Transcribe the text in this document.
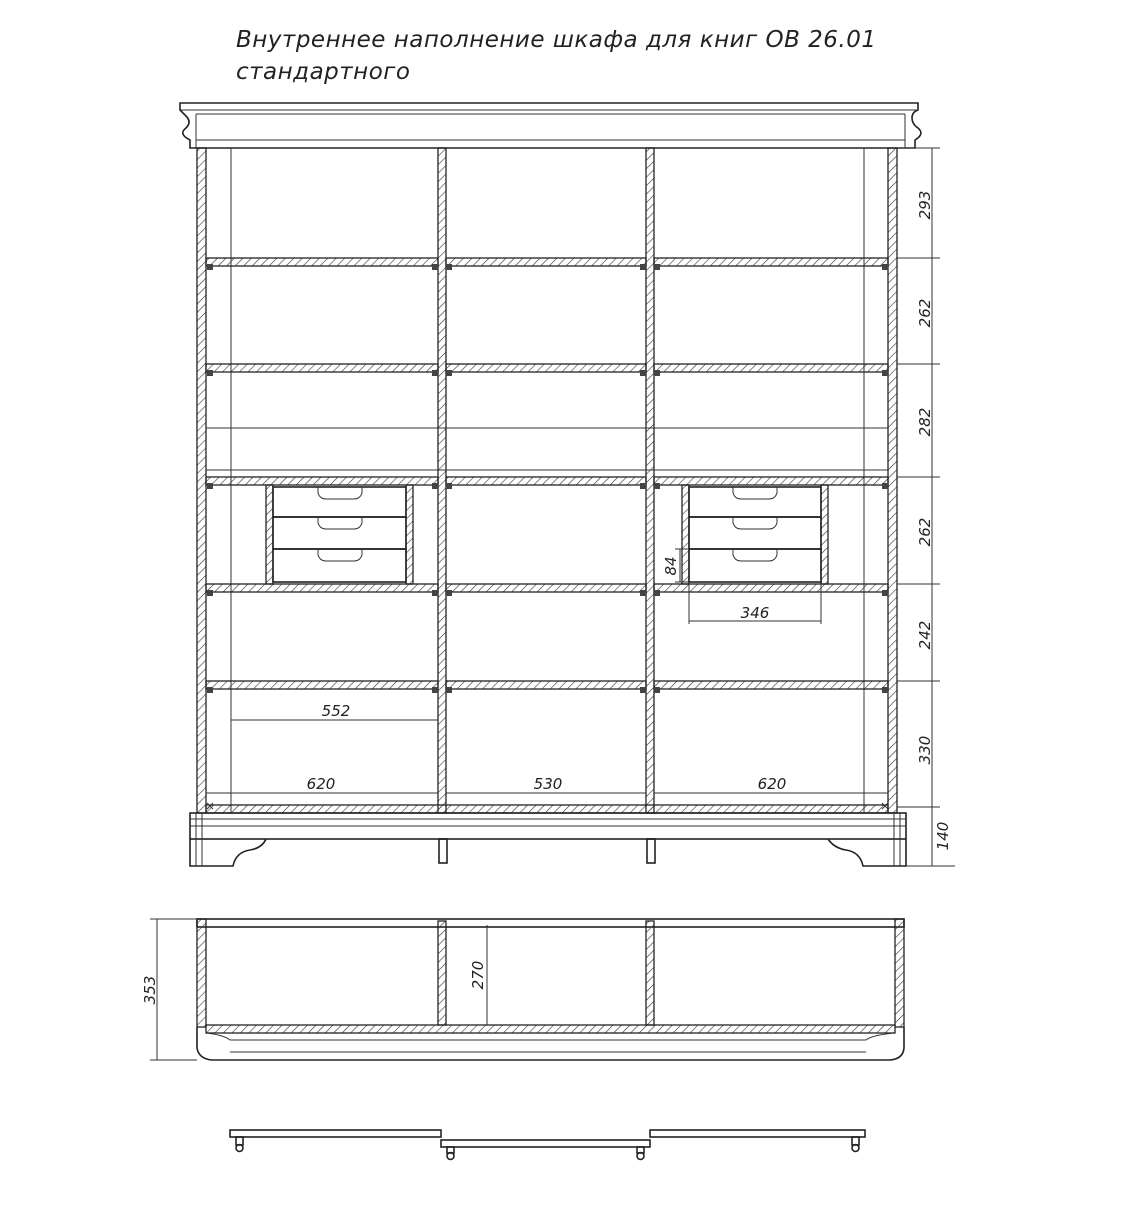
Внутреннее наполнение шкафа для книг ОВ 26.01
стандартного
293
262
282
262
242
330
140
552
620	530	620
84
346
353
270
